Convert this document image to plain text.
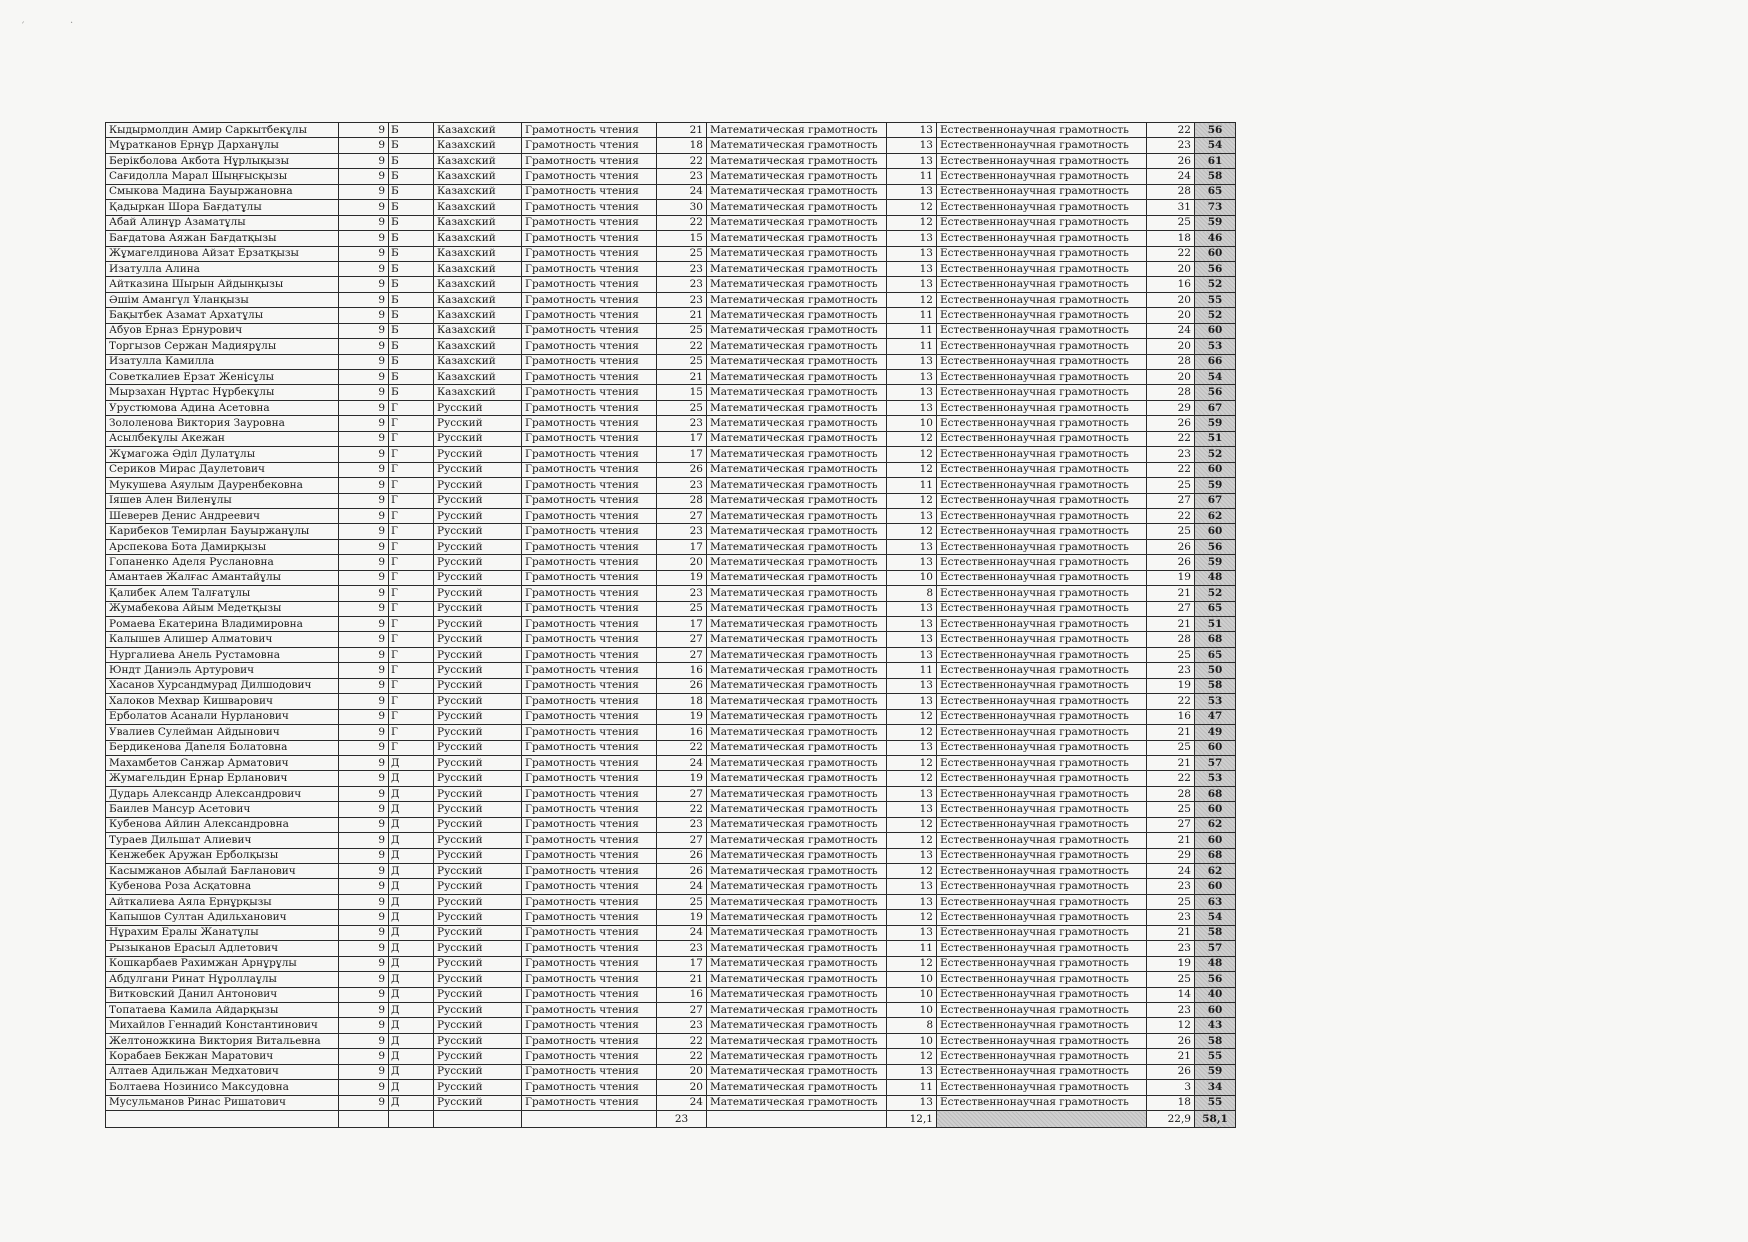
ˊ	·
Кыдырмолдин Амир Саркытбекұлы	9	Б	Казахский	Грамотность чтения	21	Математическая грамотность	13	Естественнонаучная грамотность	22	56
Мұратканов Ернұр Дарханұлы	9	Б	Казахский	Грамотность чтения	18	Математическая грамотность	13	Естественнонаучная грамотность	23	54
Берікболова Акбота Нұрлықызы	9	Б	Казахский	Грамотность чтения	22	Математическая грамотность	13	Естественнонаучная грамотность	26	61
Сағидолла Марал Шыңғысқызы	9	Б	Казахский	Грамотность чтения	23	Математическая грамотность	11	Естественнонаучная грамотность	24	58
Смыкова Мадина Бауыржановна	9	Б	Казахский	Грамотность чтения	24	Математическая грамотность	13	Естественнонаучная грамотность	28	65
Қадыркан Шора Бағдатұлы	9	Б	Казахский	Грамотность чтения	30	Математическая грамотность	12	Естественнонаучная грамотность	31	73
Абай Алинұр Азаматұлы	9	Б	Казахский	Грамотность чтения	22	Математическая грамотность	12	Естественнонаучная грамотность	25	59
Бағдатова Аяжан Бағдатқызы	9	Б	Казахский	Грамотность чтения	15	Математическая грамотность	13	Естественнонаучная грамотность	18	46
Жұмагелдинова Айзат Ерзатқызы	9	Б	Казахский	Грамотность чтения	25	Математическая грамотность	13	Естественнонаучная грамотность	22	60
Изатулла Алина	9	Б	Казахский	Грамотность чтения	23	Математическая грамотность	13	Естественнонаучная грамотность	20	56
Айтказина Шырын Айдынқызы	9	Б	Казахский	Грамотность чтения	23	Математическая грамотность	13	Естественнонаучная грамотность	16	52
Әшім Амангүл Ұланқызы	9	Б	Казахский	Грамотность чтения	23	Математическая грамотность	12	Естественнонаучная грамотность	20	55
Бақытбек Азамат Архатұлы	9	Б	Казахский	Грамотность чтения	21	Математическая грамотность	11	Естественнонаучная грамотность	20	52
Абуов Ерназ Ернурович	9	Б	Казахский	Грамотность чтения	25	Математическая грамотность	11	Естественнонаучная грамотность	24	60
Торгызов Сержан Мадиярұлы	9	Б	Казахский	Грамотность чтения	22	Математическая грамотность	11	Естественнонаучная грамотность	20	53
Изатулла Камилла	9	Б	Казахский	Грамотность чтения	25	Математическая грамотность	13	Естественнонаучная грамотность	28	66
Советкалиев Ерзат Женісұлы	9	Б	Казахский	Грамотность чтения	21	Математическая грамотность	13	Естественнонаучная грамотность	20	54
Мырзахан Нұртас Нұрбекұлы	9	Б	Казахский	Грамотность чтения	15	Математическая грамотность	13	Естественнонаучная грамотность	28	56
Урустюмова Адина Асетовна	9	Г	Русский	Грамотность чтения	25	Математическая грамотность	13	Естественнонаучная грамотность	29	67
Зололенова Виктория Зауровна	9	Г	Русский	Грамотность чтения	23	Математическая грамотность	10	Естественнонаучная грамотность	26	59
Асылбекұлы Акежан	9	Г	Русский	Грамотность чтения	17	Математическая грамотность	12	Естественнонаучная грамотность	22	51
Жұмагожа Әділ Дулатұлы	9	Г	Русский	Грамотность чтения	17	Математическая грамотность	12	Естественнонаучная грамотность	23	52
Сериков Мирас Даулетович	9	Г	Русский	Грамотность чтения	26	Математическая грамотность	12	Естественнонаучная грамотность	22	60
Мукушева Аяулым Дауренбековна	9	Г	Русский	Грамотность чтения	23	Математическая грамотность	11	Естественнонаучная грамотность	25	59
Іяшев Ален Виленұлы	9	Г	Русский	Грамотность чтения	28	Математическая грамотность	12	Естественнонаучная грамотность	27	67
Шеверев Денис Андреевич	9	Г	Русский	Грамотность чтения	27	Математическая грамотность	13	Естественнонаучная грамотность	22	62
Карибеков Темирлан Бауыржанұлы	9	Г	Русский	Грамотность чтения	23	Математическая грамотность	12	Естественнонаучная грамотность	25	60
Арспекова Бота Дамирқызы	9	Г	Русский	Грамотность чтения	17	Математическая грамотность	13	Естественнонаучная грамотность	26	56
Гопаненко Аделя Руслановна	9	Г	Русский	Грамотность чтения	20	Математическая грамотность	13	Естественнонаучная грамотность	26	59
Амантаев Жалғас Амантайұлы	9	Г	Русский	Грамотность чтения	19	Математическая грамотность	10	Естественнонаучная грамотность	19	48
Қалибек Алем Талғатұлы	9	Г	Русский	Грамотность чтения	23	Математическая грамотность	8	Естественнонаучная грамотность	21	52
Жумабекова Айым Медетқызы	9	Г	Русский	Грамотность чтения	25	Математическая грамотность	13	Естественнонаучная грамотность	27	65
Ромаева Екатерина Владимировна	9	Г	Русский	Грамотность чтения	17	Математическая грамотность	13	Естественнонаучная грамотность	21	51
Калышев Алишер Алматович	9	Г	Русский	Грамотность чтения	27	Математическая грамотность	13	Естественнонаучная грамотность	28	68
Нургалиева Анель Рустамовна	9	Г	Русский	Грамотность чтения	27	Математическая грамотность	13	Естественнонаучная грамотность	25	65
Юндт Даниэль Артурович	9	Г	Русский	Грамотность чтения	16	Математическая грамотность	11	Естественнонаучная грамотность	23	50
Хасанов Хурсандмурад Дилшодович	9	Г	Русский	Грамотность чтения	26	Математическая грамотность	13	Естественнонаучная грамотность	19	58
Халоков Мехвар Кишварович	9	Г	Русский	Грамотность чтения	18	Математическая грамотность	13	Естественнонаучная грамотность	22	53
Ерболатов Асанали Нурланович	9	Г	Русский	Грамотность чтения	19	Математическая грамотность	12	Естественнонаучная грамотность	16	47
Увалиев Сулейман Айдынович	9	Г	Русский	Грамотность чтения	16	Математическая грамотность	12	Естественнонаучная грамотность	21	49
Бердикенова Даnеля Болатовна	9	Г	Русский	Грамотность чтения	22	Математическая грамотность	13	Естественнонаучная грамотность	25	60
Махамбетов Санжар Арматович	9	Д	Русский	Грамотность чтения	24	Математическая грамотность	12	Естественнонаучная грамотность	21	57
Жумагельдин Ернар Ерланович	9	Д	Русский	Грамотность чтения	19	Математическая грамотность	12	Естественнонаучная грамотность	22	53
Дударь Александр Александрович	9	Д	Русский	Грамотность чтения	27	Математическая грамотность	13	Естественнонаучная грамотность	28	68
Баилев Мансур Асетович	9	Д	Русский	Грамотность чтения	22	Математическая грамотность	13	Естественнонаучная грамотность	25	60
Кубенова Айлин Александровна	9	Д	Русский	Грамотность чтения	23	Математическая грамотность	12	Естественнонаучная грамотность	27	62
Тураев Дильшат Алиевич	9	Д	Русский	Грамотность чтения	27	Математическая грамотность	12	Естественнонаучная грамотность	21	60
Кенжебек Аружан Ерболқызы	9	Д	Русский	Грамотность чтения	26	Математическая грамотность	13	Естественнонаучная грамотность	29	68
Касымжанов Абылай Бағланович	9	Д	Русский	Грамотность чтения	26	Математическая грамотность	12	Естественнонаучная грамотность	24	62
Кубенова Роза Асқатовна	9	Д	Русский	Грамотность чтения	24	Математическая грамотность	13	Естественнонаучная грамотность	23	60
Айткалиева Аяла Ернұрқызы	9	Д	Русский	Грамотность чтения	25	Математическая грамотность	13	Естественнонаучная грамотность	25	63
Капышов Султан Адильханович	9	Д	Русский	Грамотность чтения	19	Математическая грамотность	12	Естественнонаучная грамотность	23	54
Нұрахим Ералы Жанатұлы	9	Д	Русский	Грамотность чтения	24	Математическая грамотность	13	Естественнонаучная грамотность	21	58
Рызыканов Ерасыл Адлетович	9	Д	Русский	Грамотность чтения	23	Математическая грамотность	11	Естественнонаучная грамотность	23	57
Кошкарбаев Рахимжан Арнұрұлы	9	Д	Русский	Грамотность чтения	17	Математическая грамотность	12	Естественнонаучная грамотность	19	48
Абдулгани Ринат Нұроллаұлы	9	Д	Русский	Грамотность чтения	21	Математическая грамотность	10	Естественнонаучная грамотность	25	56
Витковский Данил Антонович	9	Д	Русский	Грамотность чтения	16	Математическая грамотность	10	Естественнонаучная грамотность	14	40
Топатаева Камила Айдарқызы	9	Д	Русский	Грамотность чтения	27	Математическая грамотность	10	Естественнонаучная грамотность	23	60
Михайлов Геннадий Константинович	9	Д	Русский	Грамотность чтения	23	Математическая грамотность	8	Естественнонаучная грамотность	12	43
Желтоножкина Виктория Витальевна	9	Д	Русский	Грамотность чтения	22	Математическая грамотность	10	Естественнонаучная грамотность	26	58
Корабаев Бекжан Маратович	9	Д	Русский	Грамотность чтения	22	Математическая грамотность	12	Естественнонаучная грамотность	21	55
Алтаев Адильжан Медхатович	9	Д	Русский	Грамотность чтения	20	Математическая грамотность	13	Естественнонаучная грамотность	26	59
Болтаева Нозинисо Максудовна	9	Д	Русский	Грамотность чтения	20	Математическая грамотность	11	Естественнонаучная грамотность	3	34
Мусульманов Ринас Ришатович	9	Д	Русский	Грамотность чтения	24	Математическая грамотность	13	Естественнонаучная грамотность	18	55
					23		12,1		22,9	58,1
